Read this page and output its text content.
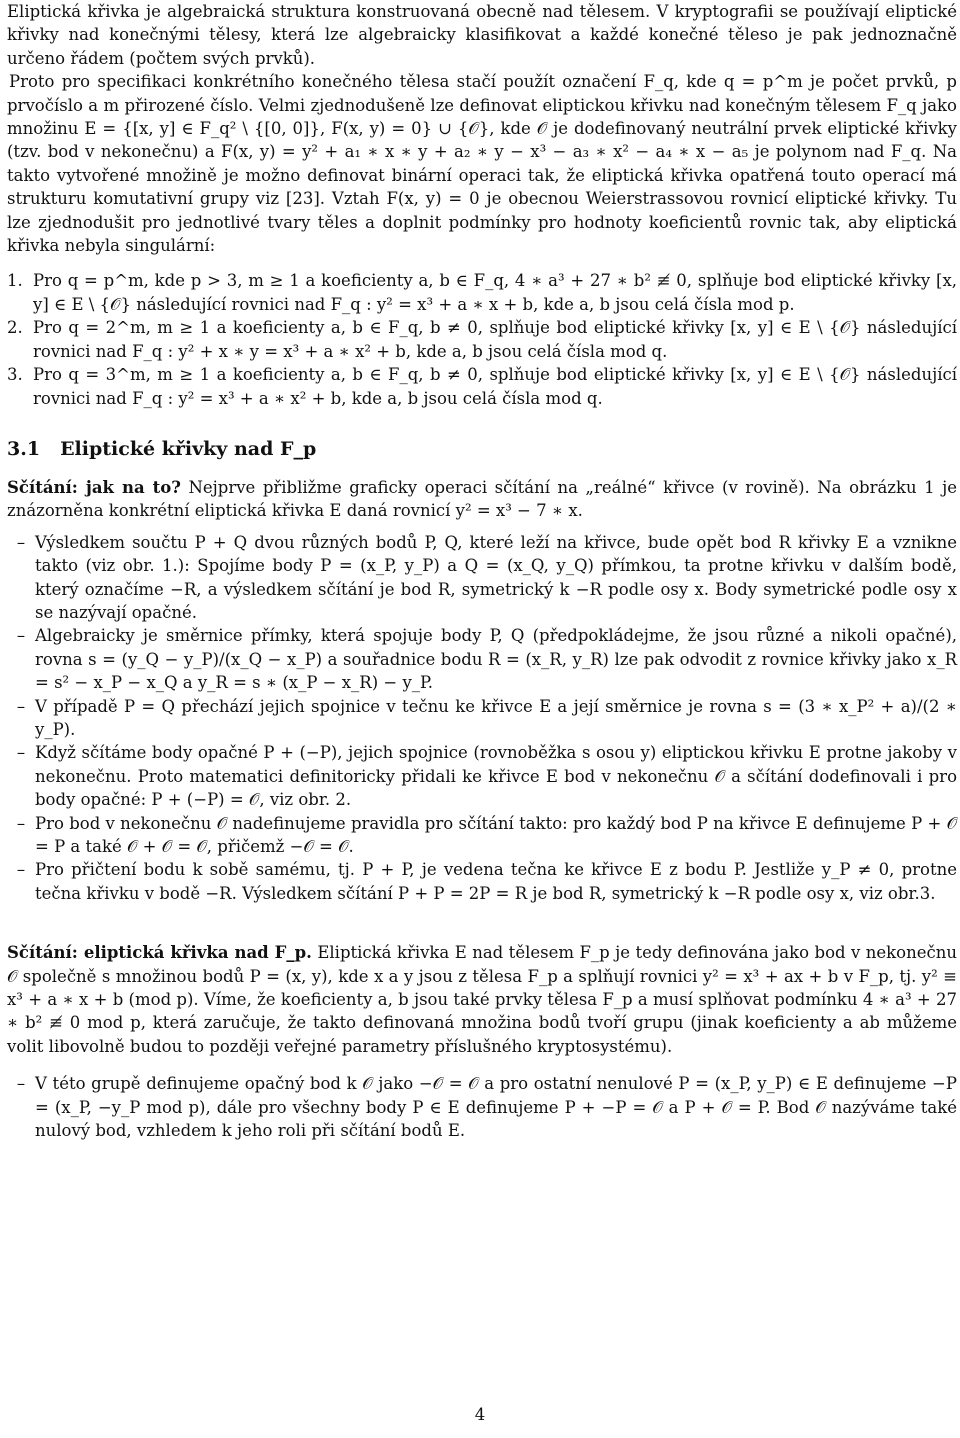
Eliptická křivka je algebraická struktura konstruovaná obecně nad tělesem. V kryptografii se používají eliptické křivky nad konečnými tělesy, která lze algebraicky klasifikovat a každé konečné těleso je pak jednoznačně určeno řádem (počtem svých prvků).

Proto pro specifikaci konkrétního konečného tělesa stačí použít označení F_q, kde q = p^m je počet prvků, p prvočíslo a m přirozené číslo. Velmi zjednodušeně lze definovat eliptickou křivku nad konečným tělesem F_q jako množinu E = {[x, y] ∈ F_q² \ {[0, 0]}, F(x, y) = 0} ∪ {𝒪}, kde 𝒪 je dodefinovaný neutrální prvek eliptické křivky (tzv. bod v nekonečnu) a F(x, y) = y² + a₁ ∗ x ∗ y + a₂ ∗ y − x³ − a₃ ∗ x² − a₄ ∗ x − a₅ je polynom nad F_q. Na takto vytvořené množině je možno definovat binární operaci tak, že eliptická křivka opatřená touto operací má strukturu komutativní grupy viz [23]. Vztah F(x, y) = 0 je obecnou Weierstrassovou rovnicí eliptické křivky. Tu lze zjednodušit pro jednotlivé tvary těles a doplnit podmínky pro hodnoty koeficientů rovnic tak, aby eliptická křivka nebyla singulární:

1. Pro q = p^m, kde p > 3, m ≥ 1 a koeficienty a, b ∈ F_q, 4 ∗ a³ + 27 ∗ b² ≢ 0, splňuje bod eliptické křivky [x, y] ∈ E \ {𝒪} následující rovnici nad F_q : y² = x³ + a ∗ x + b, kde a, b jsou celá čísla mod p.
2. Pro q = 2^m, m ≥ 1 a koeficienty a, b ∈ F_q, b ≠ 0, splňuje bod eliptické křivky [x, y] ∈ E \ {𝒪} následující rovnici nad F_q : y² + x ∗ y = x³ + a ∗ x² + b, kde a, b jsou celá čísla mod q.
3. Pro q = 3^m, m ≥ 1 a koeficienty a, b ∈ F_q, b ≠ 0, splňuje bod eliptické křivky [x, y] ∈ E \ {𝒪} následující rovnici nad F_q : y² = x³ + a ∗ x² + b, kde a, b jsou celá čísla mod q.
3.1 Eliptické křivky nad F_p

Sčítání: jak na to? Nejprve přibližme graficky operaci sčítání na „reálné“ křivce (v rovině). Na obrázku 1 je znázorněna konkrétní eliptická křivka E daná rovnicí y² = x³ − 7 ∗ x.

– Výsledkem součtu P + Q dvou různých bodů P, Q, které leží na křivce, bude opět bod R křivky E a vznikne takto (viz obr. 1.): Spojíme body P = (x_P, y_P) a Q = (x_Q, y_Q) přímkou, ta protne křivku v dalším bodě, který označíme −R, a výsledkem sčítání je bod R, symetrický k −R podle osy x. Body symetrické podle osy x se nazývají opačné.
– Algebraicky je směrnice přímky, která spojuje body P, Q (předpokládejme, že jsou různé a nikoli opačné), rovna s = (y_Q − y_P)/(x_Q − x_P) a souřadnice bodu R = (x_R, y_R) lze pak odvodit z rovnice křivky jako x_R = s² − x_P − x_Q a y_R = s ∗ (x_P − x_R) − y_P.
– V případě P = Q přechází jejich spojnice v tečnu ke křivce E a její směrnice je rovna s = (3 ∗ x_P² + a)/(2 ∗ y_P).
– Když sčítáme body opačné P + (−P), jejich spojnice (rovnoběžka s osou y) eliptickou křivku E protne jakoby v nekonečnu. Proto matematici definitoricky přidali ke křivce E bod v nekonečnu 𝒪 a sčítání dodefinovali i pro body opačné: P + (−P) = 𝒪, viz obr. 2.
– Pro bod v nekonečnu 𝒪 nadefinujeme pravidla pro sčítání takto: pro každý bod P na křivce E definujeme P + 𝒪 = P a také 𝒪 + 𝒪 = 𝒪, přičemž −𝒪 = 𝒪.
– Pro přičtení bodu k sobě samému, tj. P + P, je vedena tečna ke křivce E z bodu P. Jestliže y_P ≠ 0, protne tečna křivku v bodě −R. Výsledkem sčítání P + P = 2P = R je bod R, symetrický k −R podle osy x, viz obr.3.

Sčítání: eliptická křivka nad F_p. Eliptická křivka E nad tělesem F_p je tedy definována jako bod v nekonečnu 𝒪 společně s množinou bodů P = (x, y), kde x a y jsou z tělesa F_p a splňují rovnici y² = x³ + ax + b v F_p, tj. y² ≡ x³ + a ∗ x + b (mod p). Víme, že koeficienty a, b jsou také prvky tělesa F_p a musí splňovat podmínku 4 ∗ a³ + 27 ∗ b² ≢ 0 mod p, která zaručuje, že takto definovaná množina bodů tvoří grupu (jinak koeficienty a ab můžeme volit libovolně budou to později veřejné parametry příslušného kryptosystému).

– V této grupě definujeme opačný bod k 𝒪 jako −𝒪 = 𝒪 a pro ostatní nenulové P = (x_P, y_P) ∈ E definujeme −P = (x_P, −y_P mod p), dále pro všechny body P ∈ E definujeme P + −P = 𝒪 a P + 𝒪 = P. Bod 𝒪 nazýváme také nulový bod, vzhledem k jeho roli při sčítání bodů E.
4
